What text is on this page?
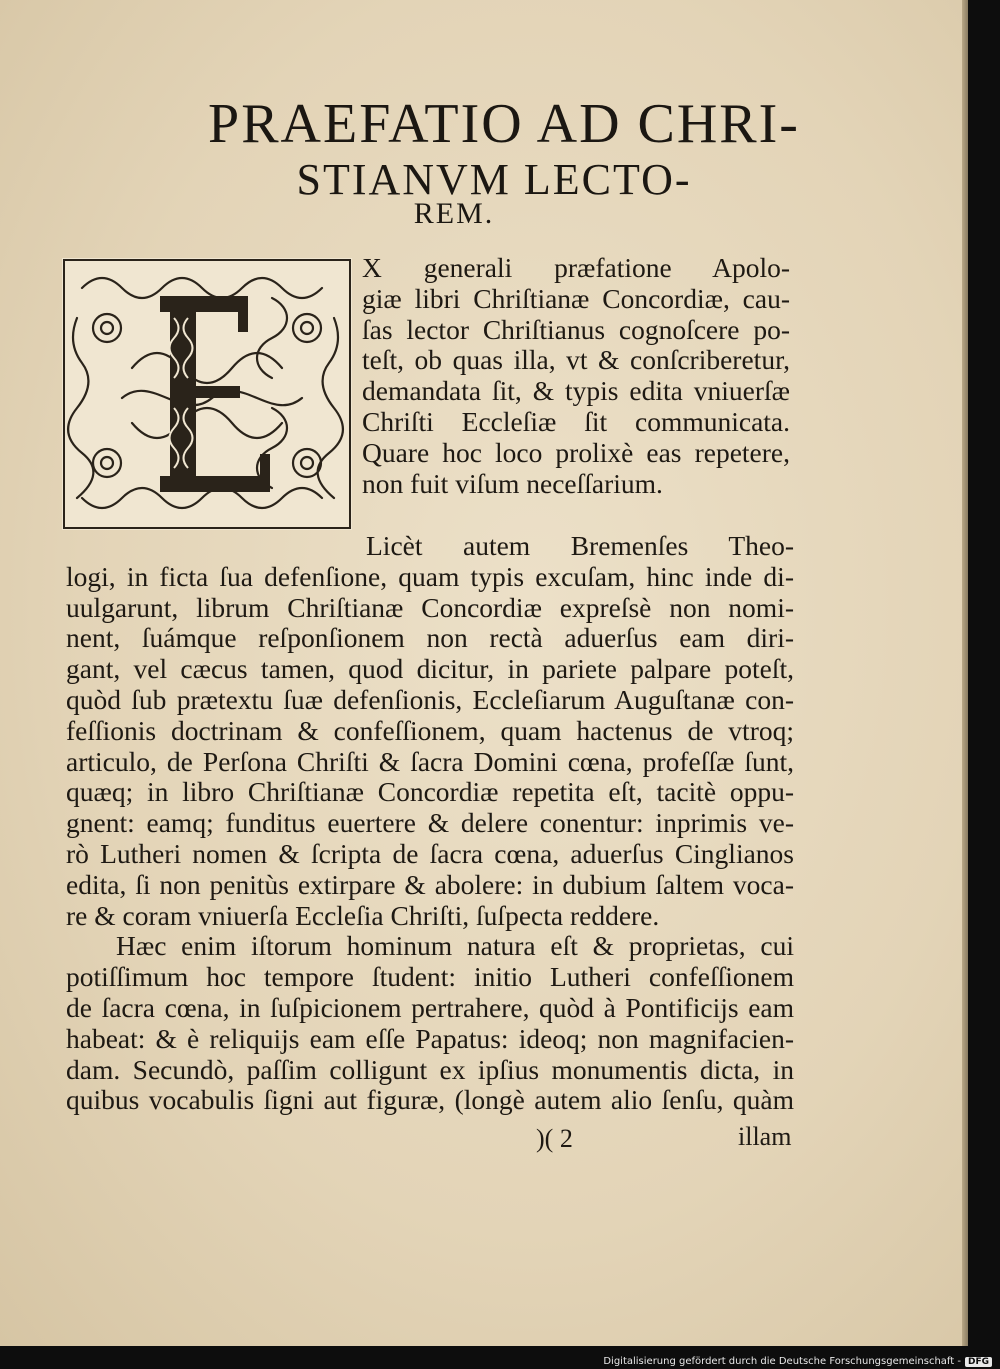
PRAEFATIO AD CHRI-
STIANVM LECTO-
REM.
X generali præfatione Apolo-
giæ libri Chriſtianæ Concordiæ, cau-
ſas lector Chriſtianus cognoſcere po-
teſt, ob quas illa, vt & conſcriberetur,
demandata ſit, & typis edita vniuerſæ
Chriſti Eccleſiæ ſit communicata.
Quare hoc loco prolixè eas repetere,
non fuit viſum neceſſarium.
Licèt autem Bremenſes Theo-
logi, in ficta ſua defenſione, quam typis excuſam, hinc inde di-
uulgarunt, librum Chriſtianæ Concordiæ expreſsè non nomi-
nent, ſuámque reſponſionem non rectà aduerſus eam diri-
gant, vel cæcus tamen, quod dicitur, in pariete palpare poteſt,
quòd ſub prætextu ſuæ defenſionis, Eccleſiarum Auguſtanæ con-
feſſionis doctrinam & confeſſionem, quam hactenus de vtroq;
articulo, de Perſona Chriſti & ſacra Domini cœna, profeſſæ ſunt,
quæq; in libro Chriſtianæ Concordiæ repetita eſt, tacitè oppu-
gnent: eamq; funditus euertere & delere conentur: inprimis ve-
rò Lutheri nomen & ſcripta de ſacra cœna, aduerſus Cinglianos
edita, ſi non penitùs extirpare & abolere: in dubium ſaltem voca-
re & coram vniuerſa Eccleſia Chriſti, ſuſpecta reddere.
Hæc enim iſtorum hominum natura eſt & proprietas, cui
potiſſimum hoc tempore ſtudent: initio Lutheri confeſſionem
de ſacra cœna, in ſuſpicionem pertrahere, quòd à Pontificijs eam
habeat: & è reliquijs eam eſſe Papatus: ideoq; non magnifacien-
dam. Secundò, paſſim colligunt ex ipſius monumentis dicta, in
quibus vocabulis ſigni aut figuræ, (longè autem alio ſenſu, quàm
)( 2	illam
Digitalisierung gefördert durch die Deutsche Forschungsgemeinschaft - DFG
